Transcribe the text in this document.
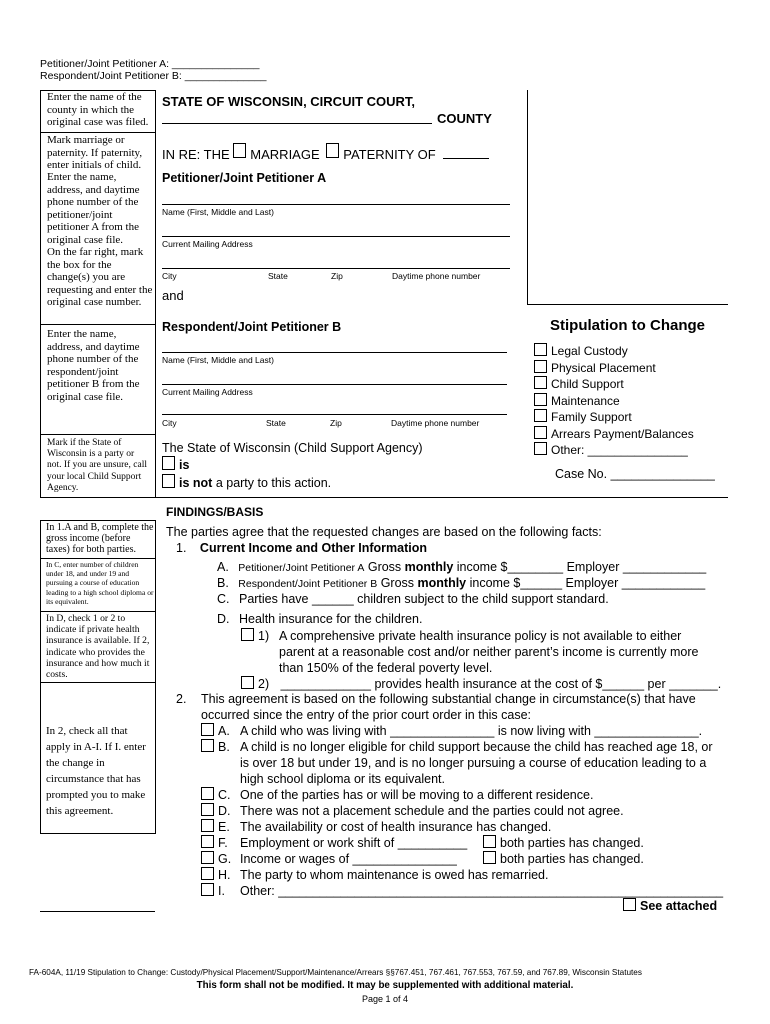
Petitioner/Joint Petitioner A: _______________
Respondent/Joint Petitioner B: ______________
Enter the name of the county in which the original case was filed.
Mark marriage or paternity. If paternity, enter initials of child.
Enter the name, address, and daytime phone number of the petitioner/joint petitioner A from the original case file.
On the far right, mark the box for the change(s) you are requesting and enter the original case number.
Enter the name, address, and daytime phone number of the respondent/joint petitioner B from the original case file.
Mark if the State of Wisconsin is a party or not. If you are unsure, call your local Child Support Agency.
In 1.A and B, complete the gross income (before taxes) for both parties.
In C, enter number of children under 18, and under 19 and pursuing a course of education leading to a high school diploma or its equivalent.
In D, check 1 or 2 to indicate if private health insurance is available. If 2, indicate who provides the insurance and how much it costs.
In 2, check all that apply in A-I. If I. enter the change in circumstance that has prompted you to make this agreement.
STATE OF WISCONSIN, CIRCUIT COURT,
COUNTY
IN RE: THE MARRIAGE PATERNITY OF
Petitioner/Joint Petitioner A
Name (First, Middle and Last)
Current Mailing Address
City	State	Zip	Daytime phone number
and
Respondent/Joint Petitioner B
Name (First, Middle and Last)
Current Mailing Address
City	State	Zip	Daytime phone number
The State of Wisconsin (Child Support Agency)
is
is not a party to this action.
Stipulation to Change
Legal Custody
Physical Placement
Child Support
Maintenance
Family Support
Arrears Payment/Balances
Other: _______________
Case No. _______________
FINDINGS/BASIS
The parties agree that the requested changes are based on the following facts:
1. Current Income and Other Information
A. Petitioner/Joint Petitioner A Gross monthly income $________ Employer ____________
B. Respondent/Joint Petitioner B Gross monthly income $______ Employer ____________
C. Parties have ______ children subject to the child support standard.
D. Health insurance for the children.
1) A comprehensive private health insurance policy is not available to either parent at a reasonable cost and/or neither parent’s income is currently more than 150% of the federal poverty level.
2) _____________ provides health insurance at the cost of $______ per _______.
2. This agreement is based on the following substantial change in circumstance(s) that have occurred since the entry of the prior court order in this case:
A. A child who was living with _______________ is now living with _______________.
B. A child is no longer eligible for child support because the child has reached age 18, or is over 18 but under 19, and is no longer pursuing a course of education leading to a high school diploma or its equivalent.
C. One of the parties has or will be moving to a different residence.
D. There was not a placement schedule and the parties could not agree.
E. The availability or cost of health insurance has changed.
F. Employment or work shift of __________	both parties has changed.
G. Income or wages of _______________	both parties has changed.
H. The party to whom maintenance is owed has remarried.
I. Other: ________________________________________________________________
See attached
FA-604A, 11/19 Stipulation to Change: Custody/Physical Placement/Support/Maintenance/Arrears §§767.451, 767.461, 767.553, 767.59, and 767.89, Wisconsin Statutes
This form shall not be modified. It may be supplemented with additional material.
Page 1 of 4
